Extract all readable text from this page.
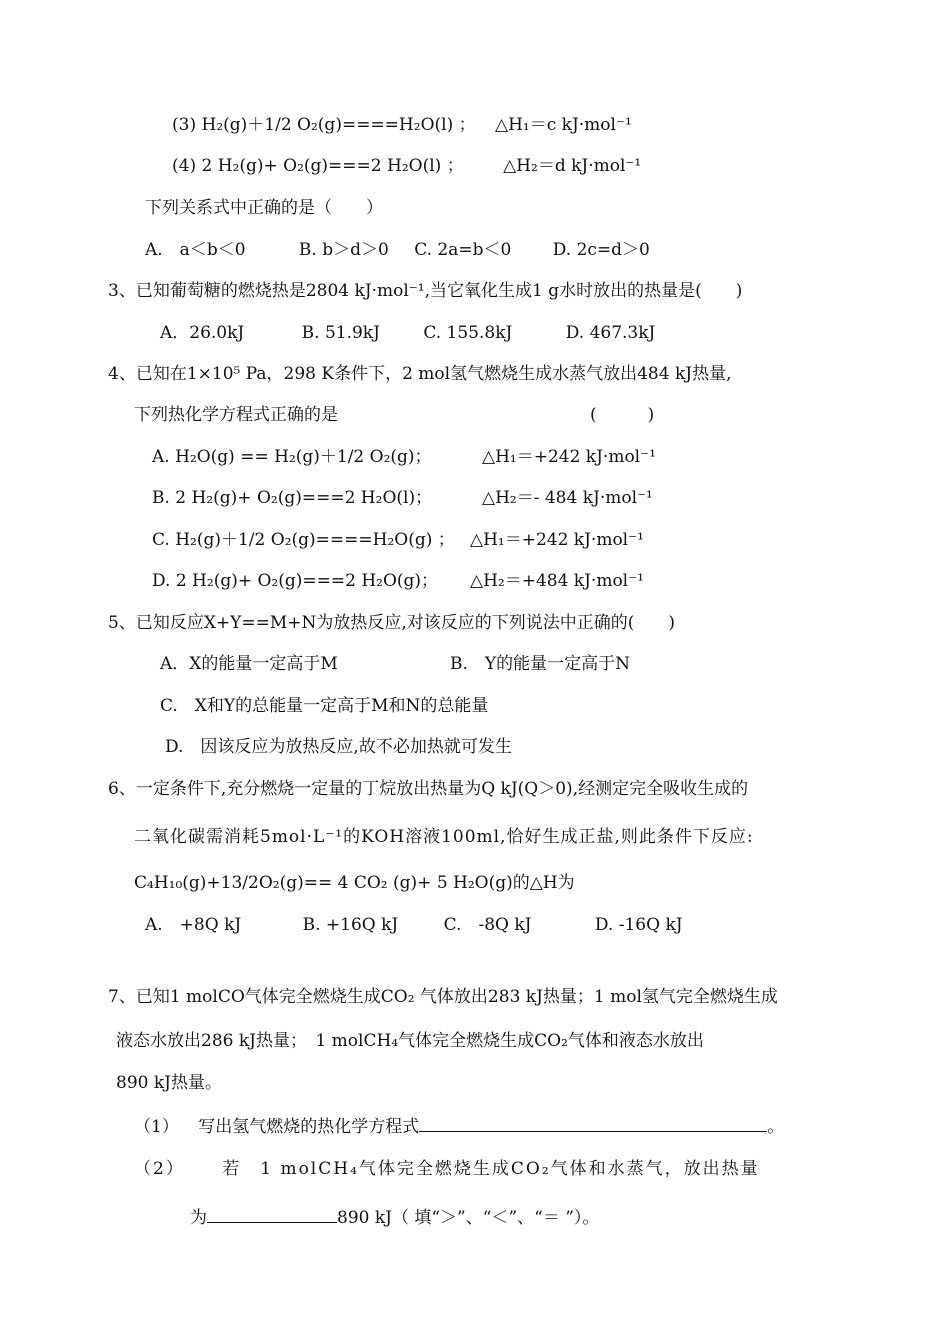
(3) H₂(g)＋1/2 O₂(g)====H₂O(l) ； △H₁＝c kJ·mol⁻¹
(4) 2 H₂(g)+ O₂(g)===2 H₂O(l) ； △H₂＝d kJ·mol⁻¹
下列关系式中正确的是（　　）
A.　a＜b＜0	B. b＞d＞0 C. 2a=b＜0 D. 2c=d＞0
3、已知葡萄糖的燃烧热是2804 kJ·mol⁻¹,当它氧化生成1 g水时放出的热量是(　　)
A．26.0kJ	B. 51.9kJ	C. 155.8kJ	D. 467.3kJ
4、已知在1×10⁵ Pa，298 K条件下，2 mol氢气燃烧生成水蒸气放出484 kJ热量,
下列热化学方程式正确的是	(　　　)
A. H₂O(g) == H₂(g)＋1/2 O₂(g)；	△H₁＝+242 kJ·mol⁻¹
B. 2 H₂(g)+ O₂(g)===2 H₂O(l)；	△H₂＝- 484 kJ·mol⁻¹
C. H₂(g)＋1/2 O₂(g)====H₂O(g) ； △H₁＝+242 kJ·mol⁻¹
D. 2 H₂(g)+ O₂(g)===2 H₂O(g)； △H₂＝+484 kJ·mol⁻¹
5、已知反应X+Y==M+N为放热反应,对该反应的下列说法中正确的(　　)
A．X的能量一定高于M	B.　Y的能量一定高于N
C.　X和Y的总能量一定高于M和N的总能量
D.　因该反应为放热反应,故不必加热就可发生
6、一定条件下,充分燃烧一定量的丁烷放出热量为Q kJ(Q＞0),经测定完全吸收生成的
二氧化碳需消耗5mol·L⁻¹的KOH溶液100ml,恰好生成正盐,则此条件下反应:
C₄H₁₀(g)+13/2O₂(g)== 4 CO₂ (g)+ 5 H₂O(g)的△H为
A.　+8Q kJ	B. +16Q kJ	C.　-8Q kJ	D. -16Q kJ
7、已知1 molCO气体完全燃烧生成CO₂ 气体放出283 kJ热量；1 mol氢气完全燃烧生成
液态水放出286 kJ热量；　1 molCH₄气体完全燃烧生成CO₂气体和液态水放出
890 kJ热量。
（1） 写出氢气燃烧的热化学方程式	。
（2） 若　1 molCH₄气体完全燃烧生成CO₂气体和水蒸气，放出热量
为	890 kJ（ 填“＞”、“＜”、“＝ ”）。
